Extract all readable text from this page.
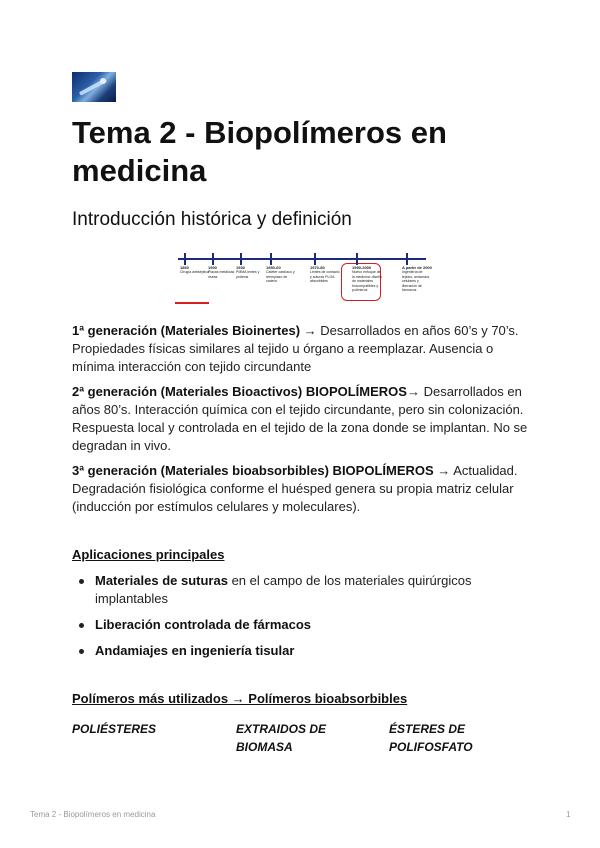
Tema 2 - Biopolímeros en medicina
Introducción histórica y definición
1860
Cirugía antiséptica
1900
Placas metálicas óseas
1930
PMMA lentes y prótesis
1950-60
Catéter cardíaco y reemplazo de cadera
1970-80
Lentes de contacto y suturas PLGA absorbibles
1990-2000
Nuevo enfoque de la medicina: diseño de materiales biocompatibles y polímeros
A partir de 2000
Ingeniería de tejidos, andamios celulares y liberación de fármacos

1ª generación (Materiales Bioinertes) → Desarrollados en años 60’s y 70’s. Propiedades físicas similares al tejido u órgano a reemplazar. Ausencia o mínima interacción con tejido circundante

2ª generación (Materiales Bioactivos) BIOPOLÍMEROS→ Desarrollados en años 80’s. Interacción química con el tejido circundante, pero sin colonización. Respuesta local y controlada en el tejido de la zona donde se implantan. No se degradan in vivo.

3ª generación (Materiales bioabsorbibles) BIOPOLÍMEROS → Actualidad. Degradación fisiológica conforme el huésped genera su propia matriz celular (inducción por estímulos celulares y moleculares).

Aplicaciones principales

Materiales de suturas en el campo de los materiales quirúrgicos implantables
Liberación controlada de fármacos
Andamiajes en ingeniería tisular

Polímeros más utilizados → Polímeros bioabsorbibles

POLIÉSTERES	EXTRAIDOS DE BIOMASA

ÉSTERES DE POLIFOSFATO

Tema 2 - Biopolímeros en medicina	1
